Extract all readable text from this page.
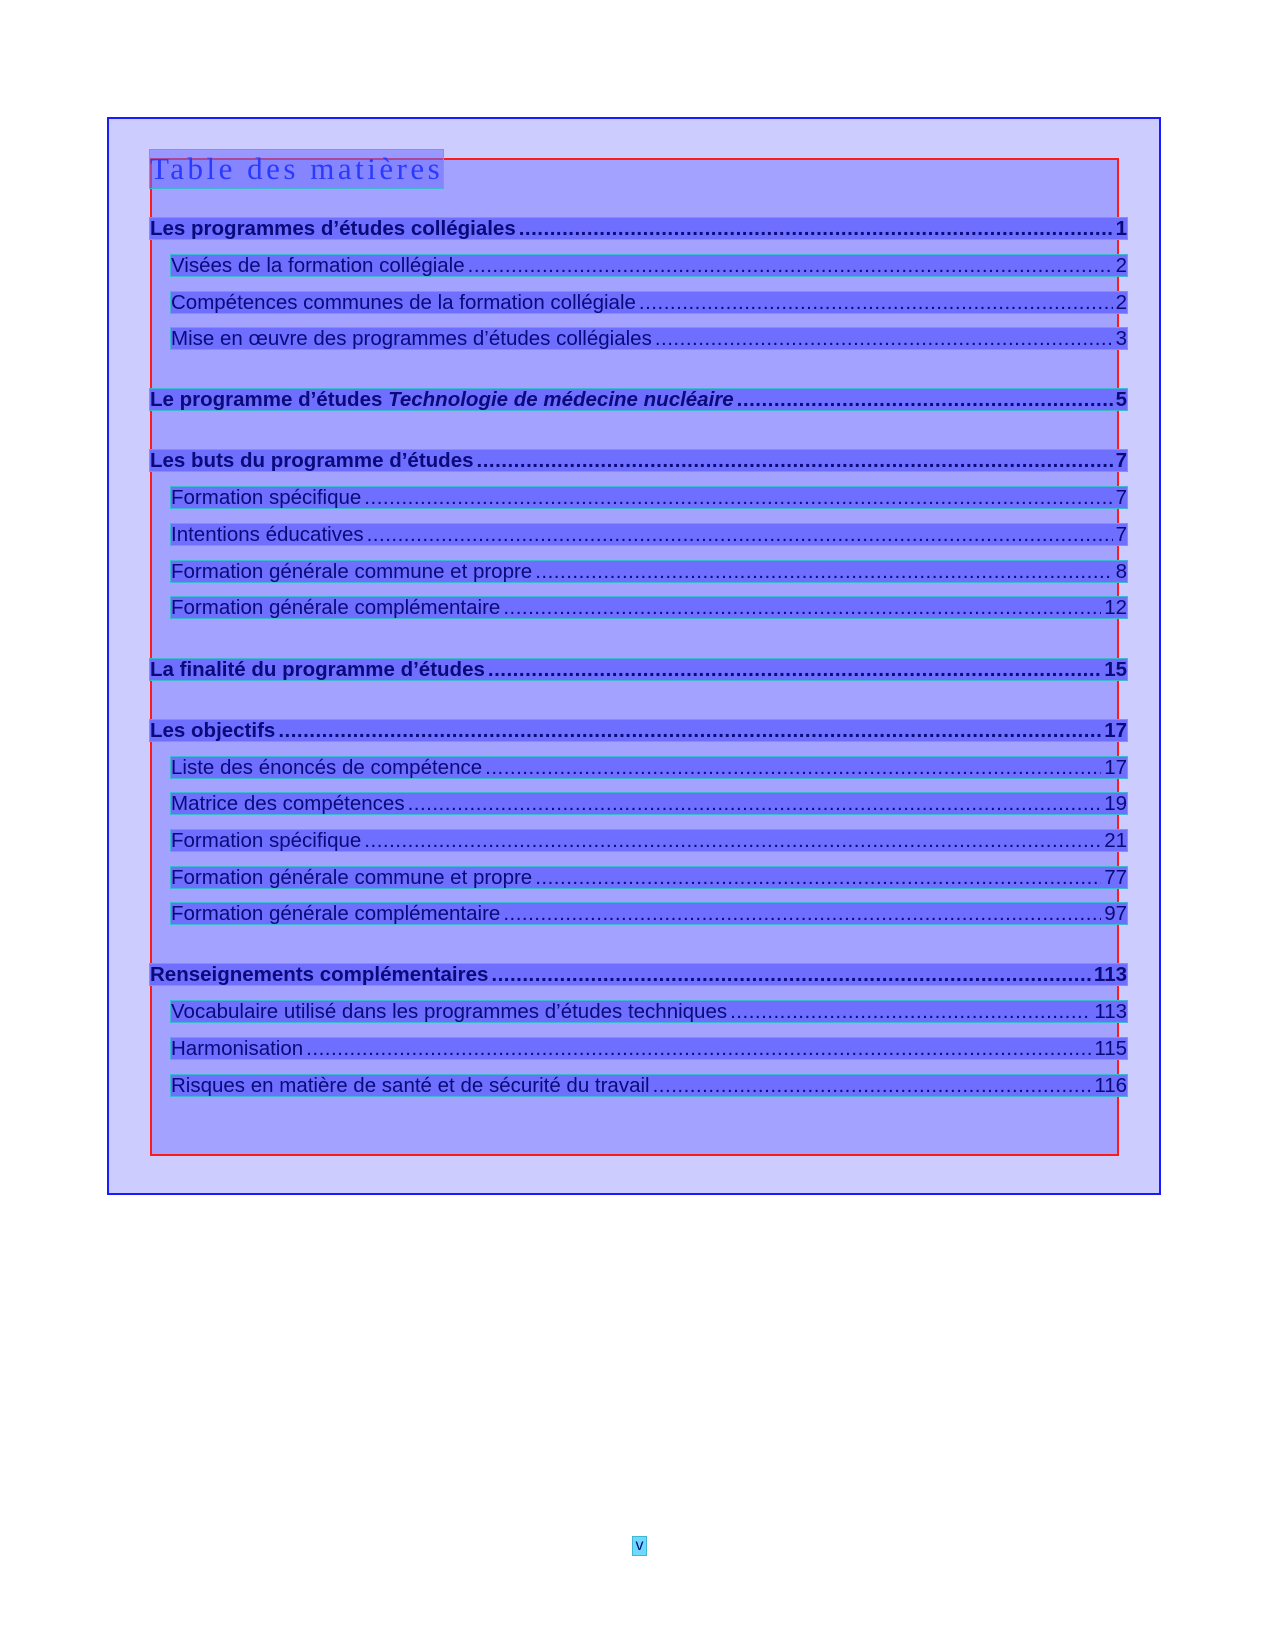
Table des matières
Les programmes d’études collégiales .....	1
Visées de la formation collégiale .....	2
Compétences communes de la formation collégiale .....	2
Mise en œuvre des programmes d’études collégiales .....	3
Le programme d’études Technologie de médecine nucléaire .....	5
Les buts du programme d’études .....	7
Formation spécifique .....	7
Intentions éducatives .....	7
Formation générale commune et propre .....	8
Formation générale complémentaire .....	12
La finalité du programme d’études .....	15
Les objectifs .....	17
Liste des énoncés de compétence .....	17
Matrice des compétences .....	19
Formation spécifique .....	21
Formation générale commune et propre .....	77
Formation générale complémentaire .....	97
Renseignements complémentaires .....	113
Vocabulaire utilisé dans les programmes d’études techniques .....	113
Harmonisation .....	115
Risques en matière de santé et de sécurité du travail .....	116
v
